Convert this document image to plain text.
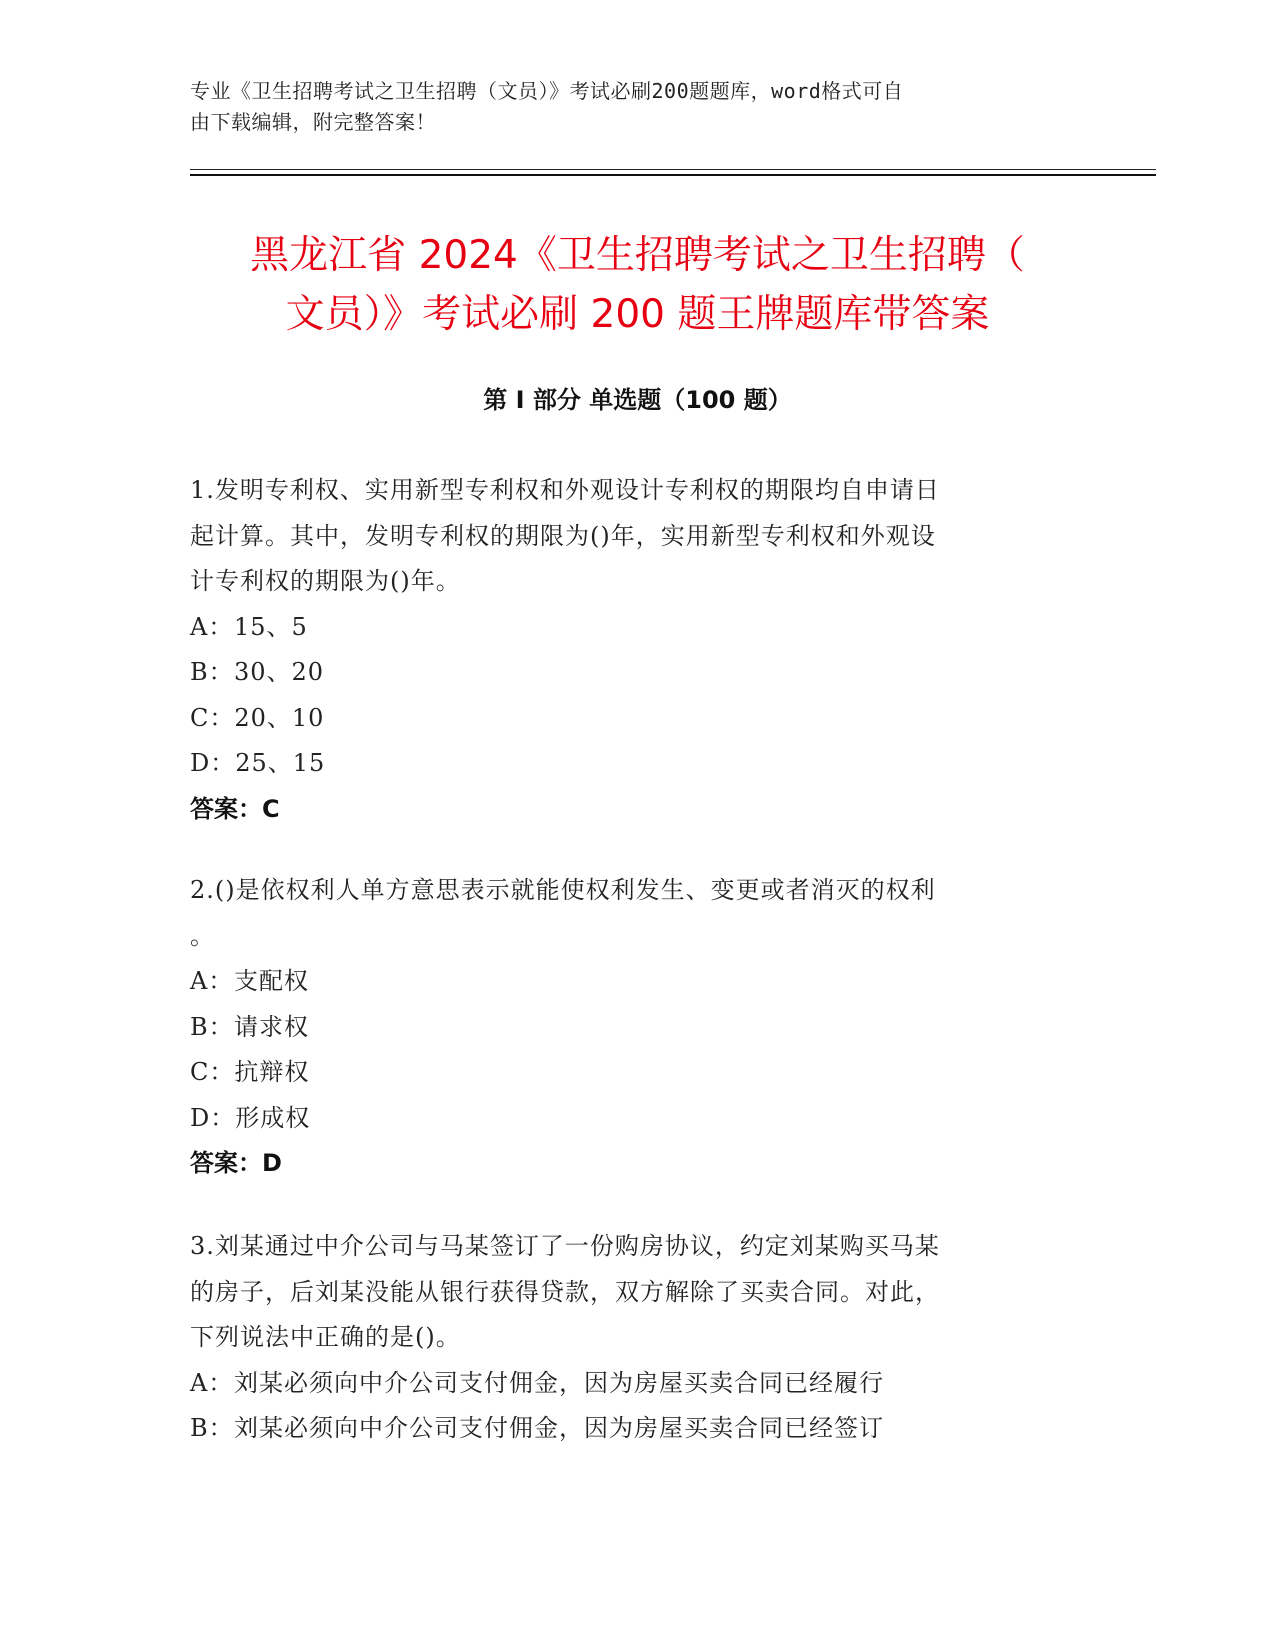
专业《卫生招聘考试之卫生招聘（文员）》考试必刷200题题库，word格式可自
由下载编辑，附完整答案！
黑龙江省 2024《卫生招聘考试之卫生招聘（
文员）》考试必刷 200 题王牌题库带答案
第 I 部分 单选题（100 题）
1.发明专利权、实用新型专利权和外观设计专利权的期限均自申请日
起计算。其中，发明专利权的期限为()年，实用新型专利权和外观设
计专利权的期限为()年。
A：15、5
B：30、20
C：20、10
D：25、15
答案：C
2.()是依权利人单方意思表示就能使权利发生、变更或者消灭的权利
。
A：支配权
B：请求权
C：抗辩权
D：形成权
答案：D
3.刘某通过中介公司与马某签订了一份购房协议，约定刘某购买马某
的房子，后刘某没能从银行获得贷款，双方解除了买卖合同。对此，
下列说法中正确的是()。
A：刘某必须向中介公司支付佣金，因为房屋买卖合同已经履行
B：刘某必须向中介公司支付佣金，因为房屋买卖合同已经签订
